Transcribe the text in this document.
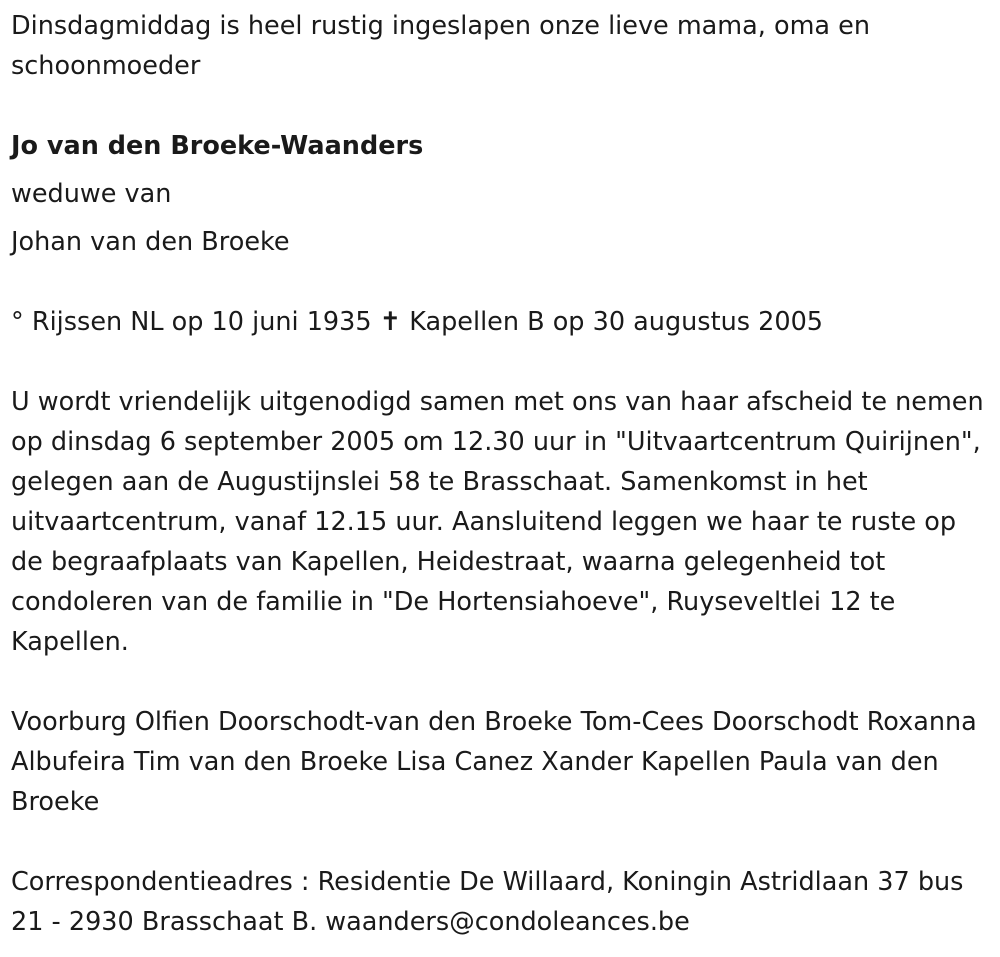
Dinsdagmiddag is heel rustig ingeslapen onze lieve mama, oma en schoonmoeder

Jo van den Broeke-Waanders

weduwe van

Johan van den Broeke

° Rijssen NL op 10 juni 1935 ✝ Kapellen B op 30 augustus 2005

U wordt vriendelijk uitgenodigd samen met ons van haar afscheid te nemen op dinsdag 6 september 2005 om 12.30 uur in "Uitvaartcentrum Quirijnen", gelegen aan de Augustijnslei 58 te Brasschaat. Samenkomst in het uitvaartcentrum, vanaf 12.15 uur. Aansluitend leggen we haar te ruste op de begraafplaats van Kapellen, Heidestraat, waarna gelegenheid tot condoleren van de familie in "De Hortensiahoeve", Ruyseveltlei 12 te Kapellen.

Voorburg Olfien Doorschodt-van den Broeke Tom-Cees Doorschodt Roxanna Albufeira Tim van den Broeke Lisa Canez Xander Kapellen Paula van den Broeke

Correspondentieadres : Residentie De Willaard, Koningin Astridlaan 37 bus 21 - 2930 Brasschaat B. waanders@condoleances.be
